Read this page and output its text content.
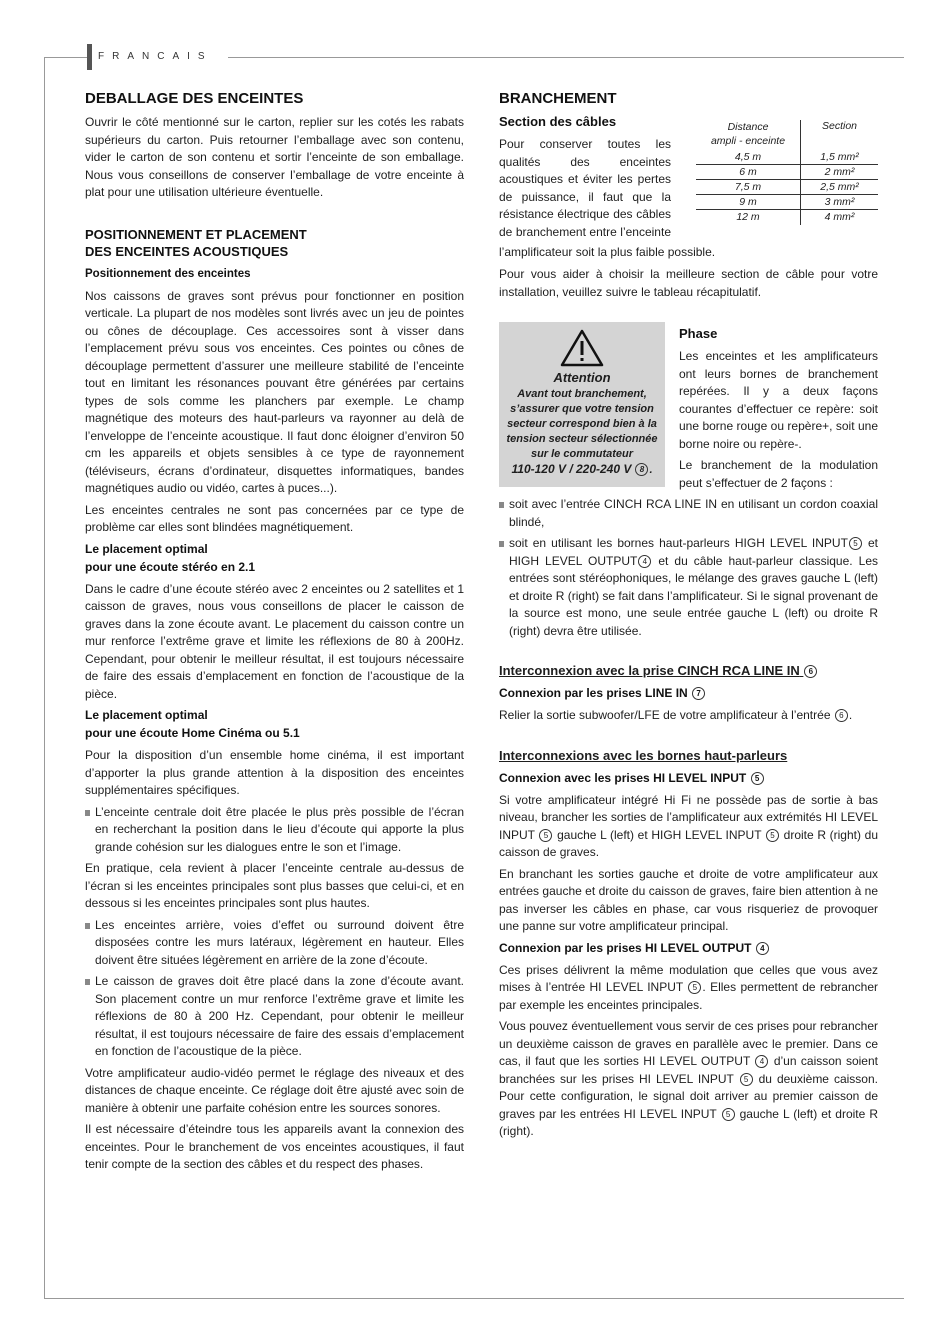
FRANCAIS
DEBALLAGE DES ENCEINTES

Ouvrir le côté mentionné sur le carton, replier sur les cotés les rabats supérieurs du carton. Puis retourner l’emballage avec son contenu, vider le carton de son contenu et sortir l’enceinte de son emballage. Nous vous conseillons de conserver l’emballage de votre enceinte à plat pour une utilisation ultérieure éventuelle.

POSITIONNEMENT ET PLACEMENT
DES ENCEINTES ACOUSTIQUES
Positionnement des enceintes

Nos caissons de graves sont prévus pour fonctionner en position verticale. La plupart de nos modèles sont livrés avec un jeu de pointes ou cônes de découplage. Ces accessoires sont à visser dans l’emplacement prévu sous vos enceintes. Ces pointes ou cônes de découplage permettent d’assurer une meilleure stabilité de l’enceinte tout en limitant les résonances pouvant être générées par certains types de sols comme les planchers par exemple. Le champ magnétique des moteurs des haut-parleurs va rayonner au delà de l’enveloppe de l’enceinte acoustique. Il faut donc éloigner d’environ 50 cm les appareils et objets sensibles à ce type de rayonnement (téléviseurs, écrans d’ordinateur, disquettes informatiques, bandes magnétiques audio ou vidéo, cartes à puces...).

Les enceintes centrales ne sont pas concernées par ce type de problème car elles sont blindées magnétiquement.

Le placement optimal
pour une écoute stéréo en 2.1

Dans le cadre d’une écoute stéréo avec 2 enceintes ou 2 satellites et 1 caisson de graves, nous vous conseillons de placer le caisson de graves dans la zone écoute avant. Le placement du caisson contre un mur renforce l’extrême grave et limite les réflexions de 80 à 200Hz. Cependant, pour obtenir le meilleur résultat, il est toujours nécessaire de faire des essais d’emplacement en fonction de l’acoustique de la pièce.

Le placement optimal
pour une écoute Home Cinéma ou 5.1

Pour la disposition d’un ensemble home cinéma, il est important d’apporter la plus grande attention à la disposition des enceintes supplémentaires spécifiques.

L’enceinte centrale doit être placée le plus près possible de l’écran en recherchant la position dans le lieu d’écoute qui apporte la plus grande cohésion sur les dialogues entre le son et l’image.

En pratique, cela revient à placer l’enceinte centrale au-dessus de l’écran si les enceintes principales sont plus basses que celui-ci, et en dessous si les enceintes principales sont plus hautes.

Les enceintes arrière, voies d’effet ou surround doivent être disposées contre les murs latéraux, légèrement en hauteur. Elles doivent être situées légèrement en arrière de la zone d’écoute.

Le caisson de graves doit être placé dans la zone d’écoute avant. Son placement contre un mur renforce l’extrême grave et limite les réflexions de 80 à 200 Hz. Cependant, pour obtenir le meilleur résultat, il est toujours nécessaire de faire des essais d’emplacement en fonction de l’acoustique de la pièce.

Votre amplificateur audio-vidéo permet le réglage des niveaux et des distances de chaque enceinte. Ce réglage doit être ajusté avec soin de manière à obtenir une parfaite cohésion entre les sources sonores.

Il est nécessaire d’éteindre tous les appareils avant la connexion des enceintes. Pour le branchement de vos enceintes acoustiques, il faut tenir compte de la section des câbles et du respect des phases.

Distance
ampli - enceinte
Section
4,5 m	1,5 mm²
6 m	2 mm²
7,5 m	2,5 mm²
9 m	3 mm²
12 m	4 mm²
BRANCHEMENT
Section des câbles

Pour conserver toutes les qualités des enceintes acoustiques et éviter les pertes de puissance, il faut que la résistance électrique des câbles de branchement entre l’enceinte

l’amplificateur soit la plus faible possible.

Pour vous aider à choisir la meilleure section de câble pour votre installation, veuillez suivre le tableau récapitulatif.

Attention
Avant tout branchement, s’assurer que votre tension secteur correspond bien à la tension secteur sélectionnée sur le commutateur
110-120 V / 220-240 V 8 .
Phase

Les enceintes et les amplificateurs ont leurs bornes de branchement repérées. Il y a deux façons courantes d’effectuer ce repère: soit une borne rouge ou repère+, soit une borne noire ou repère-.

Le branchement de la modulation peut s’effectuer de 2 façons :

soit avec l’entrée CINCH RCA LINE IN en utilisant un cordon coaxial blindé,

soit en utilisant les bornes haut-parleurs HIGH LEVEL INPUT 5 et HIGH LEVEL OUTPUT 4 et du câble haut-parleur classique. Les entrées sont stéréophoniques, le mélange des graves gauche L (left) et droite R (right) se fait dans l’amplificateur. Si le signal provenant de la source est mono, une seule entrée gauche L (left) ou droite R (right) devra être utilisée.

Interconnexion avec la prise CINCH RCA LINE IN 6
Connexion par les prises LINE IN 7

Relier la sortie subwoofer/LFE de votre amplificateur à l’entrée 6 .

Interconnexions avec les bornes haut-parleurs
Connexion avec les prises HI LEVEL INPUT 5

Si votre amplificateur intégré Hi Fi ne possède pas de sortie à bas niveau, brancher les sorties de l’amplificateur aux extrémités HI LEVEL INPUT 5 gauche L (left) et HIGH LEVEL INPUT 5 droite R (right) du caisson de graves.

En branchant les sorties gauche et droite de votre amplificateur aux entrées gauche et droite du caisson de graves, faire bien attention à ne pas inverser les câbles en phase, car vous risqueriez de provoquer une panne sur votre amplificateur principal.

Connexion par les prises HI LEVEL OUTPUT 4

Ces prises délivrent la même modulation que celles que vous avez mises à l’entrée HI LEVEL INPUT 5 . Elles permettent de rebrancher par exemple les enceintes principales.

Vous pouvez éventuellement vous servir de ces prises pour rebrancher un deuxième caisson de graves en parallèle avec le premier. Dans ce cas, il faut que les sorties HI LEVEL OUTPUT 4 d’un caisson soient branchées sur les prises HI LEVEL INPUT 5 du deuxième caisson. Pour cette configuration, le signal doit arriver au premier caisson de graves par les entrées HI LEVEL INPUT 5 gauche L (left) et droite R (right).
